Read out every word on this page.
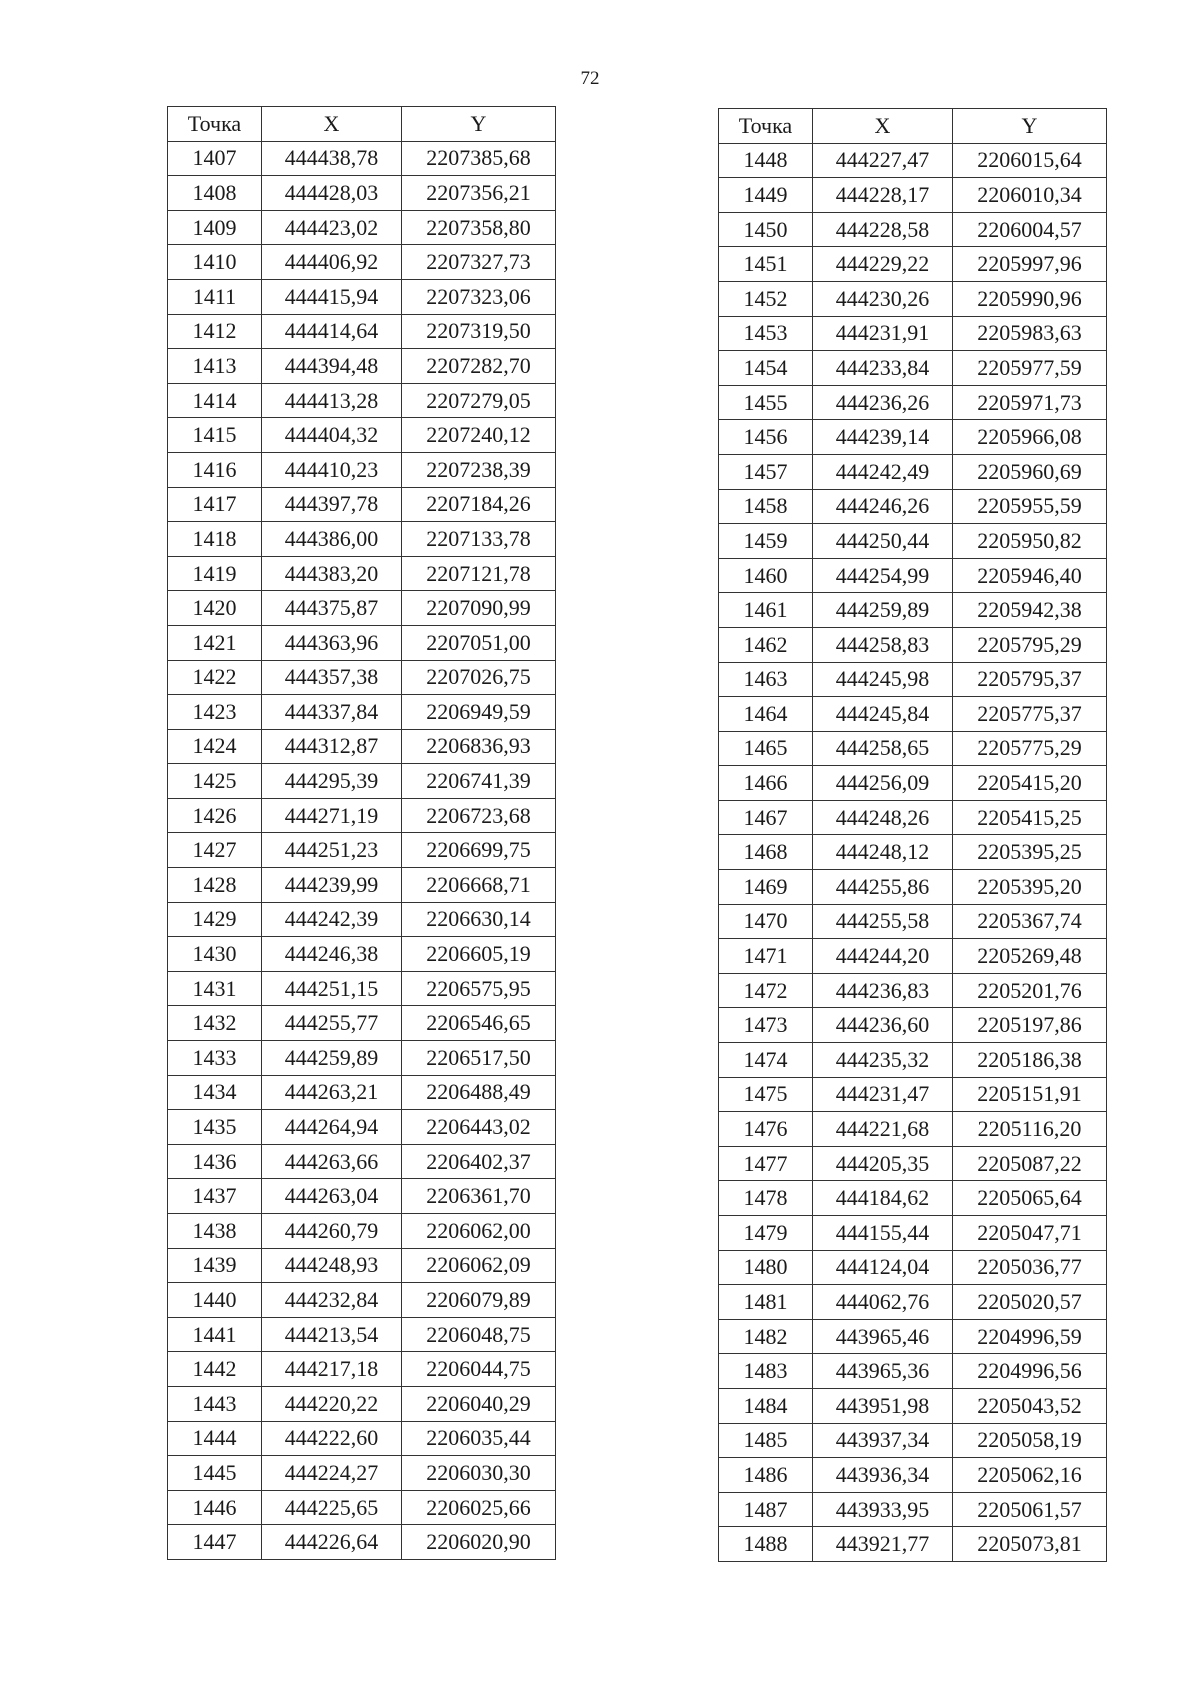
72
Точка	X	Y
1407	444438,78	2207385,68
1408	444428,03	2207356,21
1409	444423,02	2207358,80
1410	444406,92	2207327,73
1411	444415,94	2207323,06
1412	444414,64	2207319,50
1413	444394,48	2207282,70
1414	444413,28	2207279,05
1415	444404,32	2207240,12
1416	444410,23	2207238,39
1417	444397,78	2207184,26
1418	444386,00	2207133,78
1419	444383,20	2207121,78
1420	444375,87	2207090,99
1421	444363,96	2207051,00
1422	444357,38	2207026,75
1423	444337,84	2206949,59
1424	444312,87	2206836,93
1425	444295,39	2206741,39
1426	444271,19	2206723,68
1427	444251,23	2206699,75
1428	444239,99	2206668,71
1429	444242,39	2206630,14
1430	444246,38	2206605,19
1431	444251,15	2206575,95
1432	444255,77	2206546,65
1433	444259,89	2206517,50
1434	444263,21	2206488,49
1435	444264,94	2206443,02
1436	444263,66	2206402,37
1437	444263,04	2206361,70
1438	444260,79	2206062,00
1439	444248,93	2206062,09
1440	444232,84	2206079,89
1441	444213,54	2206048,75
1442	444217,18	2206044,75
1443	444220,22	2206040,29
1444	444222,60	2206035,44
1445	444224,27	2206030,30
1446	444225,65	2206025,66
1447	444226,64	2206020,90
Точка	X	Y
1448	444227,47	2206015,64
1449	444228,17	2206010,34
1450	444228,58	2206004,57
1451	444229,22	2205997,96
1452	444230,26	2205990,96
1453	444231,91	2205983,63
1454	444233,84	2205977,59
1455	444236,26	2205971,73
1456	444239,14	2205966,08
1457	444242,49	2205960,69
1458	444246,26	2205955,59
1459	444250,44	2205950,82
1460	444254,99	2205946,40
1461	444259,89	2205942,38
1462	444258,83	2205795,29
1463	444245,98	2205795,37
1464	444245,84	2205775,37
1465	444258,65	2205775,29
1466	444256,09	2205415,20
1467	444248,26	2205415,25
1468	444248,12	2205395,25
1469	444255,86	2205395,20
1470	444255,58	2205367,74
1471	444244,20	2205269,48
1472	444236,83	2205201,76
1473	444236,60	2205197,86
1474	444235,32	2205186,38
1475	444231,47	2205151,91
1476	444221,68	2205116,20
1477	444205,35	2205087,22
1478	444184,62	2205065,64
1479	444155,44	2205047,71
1480	444124,04	2205036,77
1481	444062,76	2205020,57
1482	443965,46	2204996,59
1483	443965,36	2204996,56
1484	443951,98	2205043,52
1485	443937,34	2205058,19
1486	443936,34	2205062,16
1487	443933,95	2205061,57
1488	443921,77	2205073,81
